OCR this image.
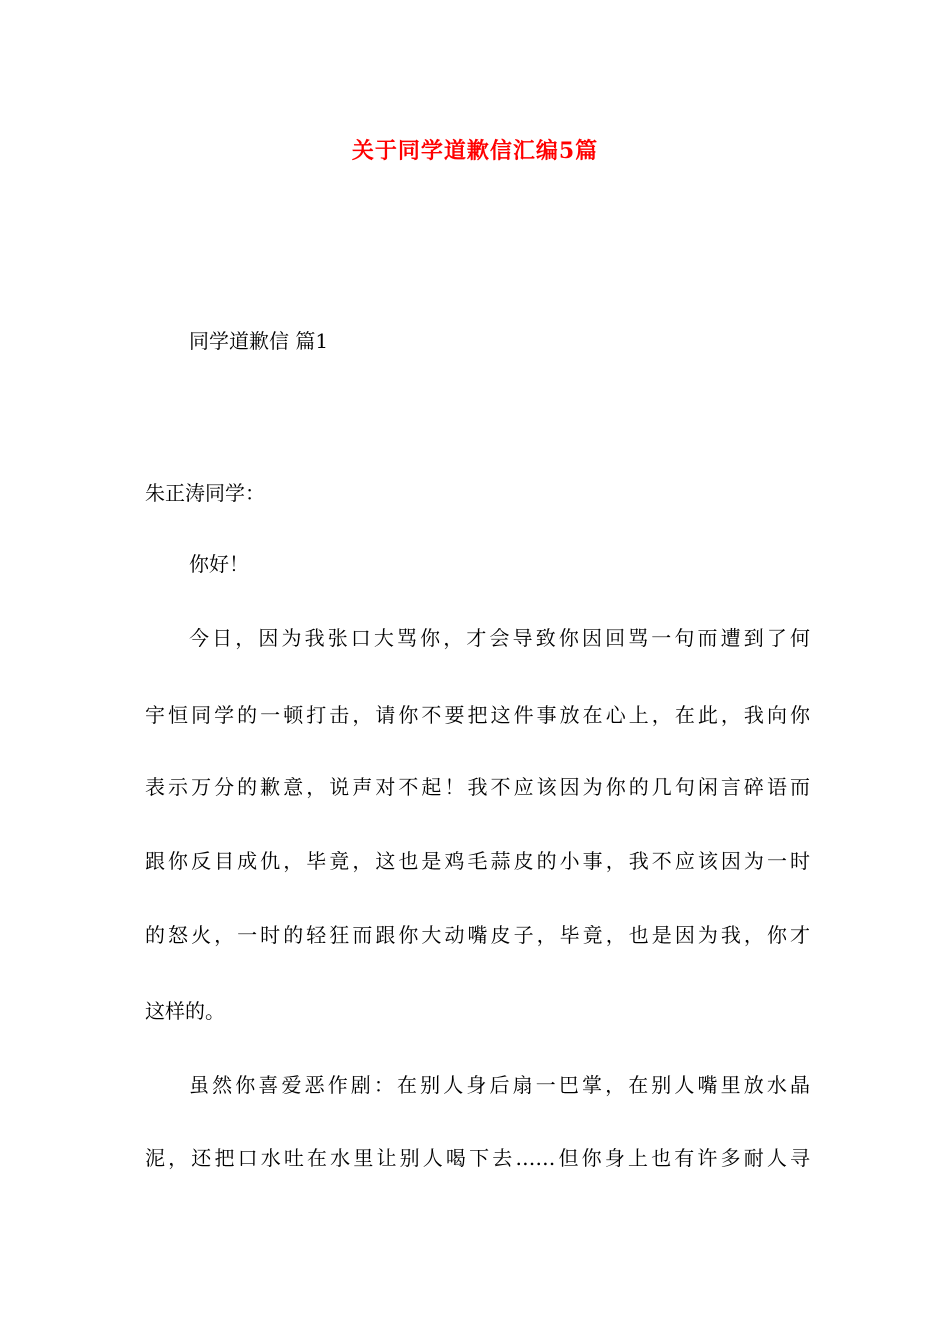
关于同学道歉信汇编5篇
同学道歉信 篇1
朱正涛同学：
你好！
今日，因为我张口大骂你，才会导致你因回骂一句而遭到了何
宇恒同学的一顿打击，请你不要把这件事放在心上，在此，我向你
表示万分的歉意，说声对不起！我不应该因为你的几句闲言碎语而
跟你反目成仇，毕竟，这也是鸡毛蒜皮的小事，我不应该因为一时
的怒火，一时的轻狂而跟你大动嘴皮子，毕竟，也是因为我，你才
这样的。
虽然你喜爱恶作剧：在别人身后扇一巴掌，在别人嘴里放水晶
泥，还把口水吐在水里让别人喝下去……但你身上也有许多耐人寻
